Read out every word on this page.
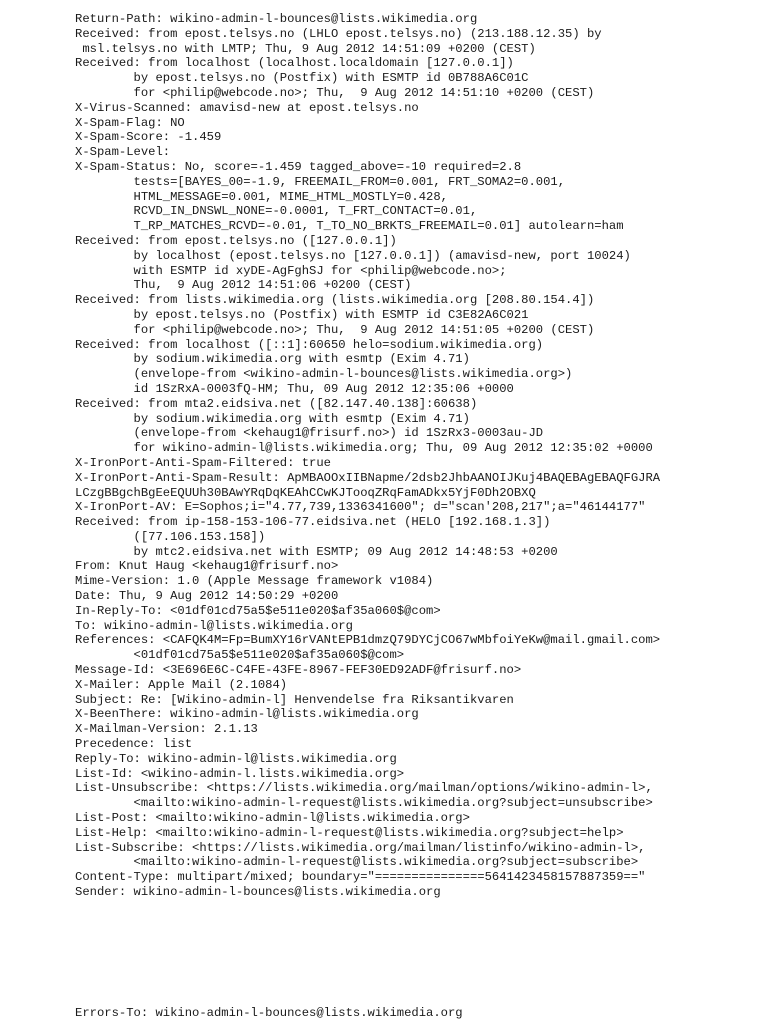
Return-Path: wikino-admin-l-bounces@lists.wikimedia.org
Received: from epost.telsys.no (LHLO epost.telsys.no) (213.188.12.35) by
msl.telsys.no with LMTP; Thu, 9 Aug 2012 14:51:09 +0200 (CEST)
Received: from localhost (localhost.localdomain [127.0.0.1])
by epost.telsys.no (Postfix) with ESMTP id 0B788A6C01C
for <philip@webcode.no>; Thu,  9 Aug 2012 14:51:10 +0200 (CEST)
X-Virus-Scanned: amavisd-new at epost.telsys.no
X-Spam-Flag: NO
X-Spam-Score: -1.459
X-Spam-Level:
X-Spam-Status: No, score=-1.459 tagged_above=-10 required=2.8
tests=[BAYES_00=-1.9, FREEMAIL_FROM=0.001, FRT_SOMA2=0.001,
HTML_MESSAGE=0.001, MIME_HTML_MOSTLY=0.428,
RCVD_IN_DNSWL_NONE=-0.0001, T_FRT_CONTACT=0.01,
T_RP_MATCHES_RCVD=-0.01, T_TO_NO_BRKTS_FREEMAIL=0.01] autolearn=ham
Received: from epost.telsys.no ([127.0.0.1])
by localhost (epost.telsys.no [127.0.0.1]) (amavisd-new, port 10024)
with ESMTP id xyDE-AgFghSJ for <philip@webcode.no>;
Thu,  9 Aug 2012 14:51:06 +0200 (CEST)
Received: from lists.wikimedia.org (lists.wikimedia.org [208.80.154.4])
by epost.telsys.no (Postfix) with ESMTP id C3E82A6C021
for <philip@webcode.no>; Thu,  9 Aug 2012 14:51:05 +0200 (CEST)
Received: from localhost ([::1]:60650 helo=sodium.wikimedia.org)
by sodium.wikimedia.org with esmtp (Exim 4.71)
(envelope-from <wikino-admin-l-bounces@lists.wikimedia.org>)
id 1SzRxA-0003fQ-HM; Thu, 09 Aug 2012 12:35:06 +0000
Received: from mta2.eidsiva.net ([82.147.40.138]:60638)
by sodium.wikimedia.org with esmtp (Exim 4.71)
(envelope-from <kehaug1@frisurf.no>) id 1SzRx3-0003au-JD
for wikino-admin-l@lists.wikimedia.org; Thu, 09 Aug 2012 12:35:02 +0000
X-IronPort-Anti-Spam-Filtered: true
X-IronPort-Anti-Spam-Result: ApMBAOOxIIBNapme/2dsb2JhbAANOIJKuj4BAQEBAgEBAQFGJRA
LCzgBBgchBgEeEQUUh30BAwYRqDqKEAhCCwKJTooqZRqFamADkx5YjF0Dh2OBXQ
X-IronPort-AV: E=Sophos;i="4.77,739,1336341600"; d="scan'208,217";a="46144177"
Received: from ip-158-153-106-77.eidsiva.net (HELO [192.168.1.3])
([77.106.153.158])
by mtc2.eidsiva.net with ESMTP; 09 Aug 2012 14:48:53 +0200
From: Knut Haug <kehaug1@frisurf.no>
Mime-Version: 1.0 (Apple Message framework v1084)
Date: Thu, 9 Aug 2012 14:50:29 +0200
In-Reply-To: <01df01cd75a5$e511e020$af35a060$@com>
To: wikino-admin-l@lists.wikimedia.org
References: <CAFQK4M=Fp=BumXY16rVANtEPB1dmzQ79DYCjCO67wMbfoiYeKw@mail.gmail.com>
<01df01cd75a5$e511e020$af35a060$@com>
Message-Id: <3E696E6C-C4FE-43FE-8967-FEF30ED92ADF@frisurf.no>
X-Mailer: Apple Mail (2.1084)
Subject: Re: [Wikino-admin-l] Henvendelse fra Riksantikvaren
X-BeenThere: wikino-admin-l@lists.wikimedia.org
X-Mailman-Version: 2.1.13
Precedence: list
Reply-To: wikino-admin-l@lists.wikimedia.org
List-Id: <wikino-admin-l.lists.wikimedia.org>
List-Unsubscribe: <https://lists.wikimedia.org/mailman/options/wikino-admin-l>,
<mailto:wikino-admin-l-request@lists.wikimedia.org?subject=unsubscribe>
List-Post: <mailto:wikino-admin-l@lists.wikimedia.org>
List-Help: <mailto:wikino-admin-l-request@lists.wikimedia.org?subject=help>
List-Subscribe: <https://lists.wikimedia.org/mailman/listinfo/wikino-admin-l>,
<mailto:wikino-admin-l-request@lists.wikimedia.org?subject=subscribe>
Content-Type: multipart/mixed; boundary="===============5641423458157887359=="
Sender: wikino-admin-l-bounces@lists.wikimedia.org
Errors-To: wikino-admin-l-bounces@lists.wikimedia.org
